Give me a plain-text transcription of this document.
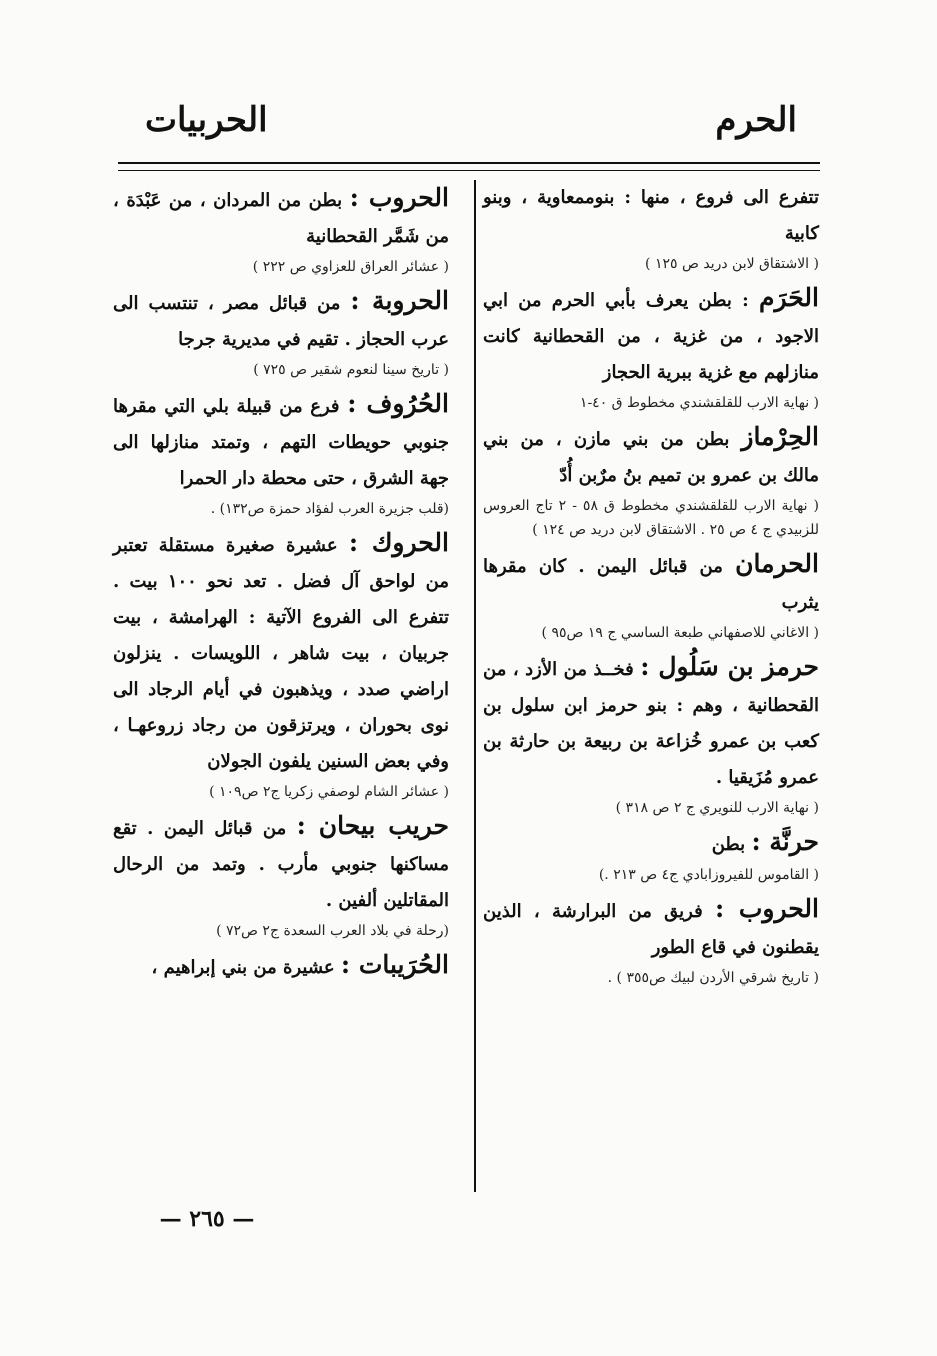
الحرم
الحربيات

تتفرع الى فروع ، منها : بنوممعاوية ، وبنو كابية

( الاشتقاق لابن دريد ص ١٢٥ )

الحَرَم : بطن يعرف بأبي الحرم من ابي الاجود ، من غزية ، من القحطانية كانت منازلهم مع غزية ببرية الحجاز

( نهاية الارب للقلقشندي مخطوط ق ٤٠-١

الحِرْماز بطن من بني مازن ، من بني مالك بن عمرو بن تميم بنُ مرٌبن أُدّ

( نهاية الارب للقلقشندي مخطوط ق ٥٨ - ٢ تاج العروس للزبيدي ج ٤ ص ٢٥ . الاشتقاق لابن دريد ص ١٢٤ )

الحرمان من قبائل اليمن . كان مقرها يثرب

( الاغاني للاصفهاني طبعة الساسي ج ١٩ ص٩٥ )

حرمز بن سَلُول : فخــذ من الأزد ، من القحطانية ، وهم : بنو حرمز ابن سلول بن كعب بن عمرو خُزاعة بن ربيعة بن حارثة بن عمرو مُزَيقيا .

( نهاية الارب للنويري ج ٢ ص ٣١٨ )

حرنَّة : بطن

( القاموس للفيروزابادي ج٤ ص ٢١٣ .)

الحروب : فريق من البرارشة ، الذين يقطنون في قاع الطور

( تاريخ شرقي الأردن لبيك ص٣٥٥ ) .

الحروب : بطن من المردان ، من عَبْدَة ، من شَمَّر القحطانية

( عشائر العراق للعزاوي ص ٢٢٢ )

الحروبة : من قبائل مصر ، تنتسب الى عرب الحجاز . تقيم في مديرية جرجا

( تاريخ سينا لنعوم شقير ص ٧٢٥ )

الحُرُوف : فرع من قبيلة بلي التي مقرها جنوبي حويطات التهم ، وتمتد منازلها الى جهة الشرق ، حتى محطة دار الحمرا

(قلب جزيرة العرب لفؤاد حمزة ص١٣٢) .

الحروك : عشيرة صغيرة مستقلة تعتبر من لواحق آل فضل . تعد نحو ١٠٠ بيت . تتفرع الى الفروع الآتية : الهرامشة ، بيت جربيان ، بيت شاهر ، اللويسات . ينزلون اراضي صدد ، ويذهبون في أيام الرجاد الى نوى بحوران ، ويرتزقون من رجاد زروعهـا ، وفي بعض السنين يلفون الجولان

( عشائر الشام لوصفي زكريا ج٢ ص١٠٩ )

حريب بيحان : من قبائل اليمن . تقع مساكنها جنوبي مأرب . وتمد من الرحال المقاتلين ألفين .

(رحلة في بلاد العرب السعدة ج٢ ص٧٢ )

الحُرَيبات : عشيرة من بني إبراهيم ،

— ٢٦٥ —
